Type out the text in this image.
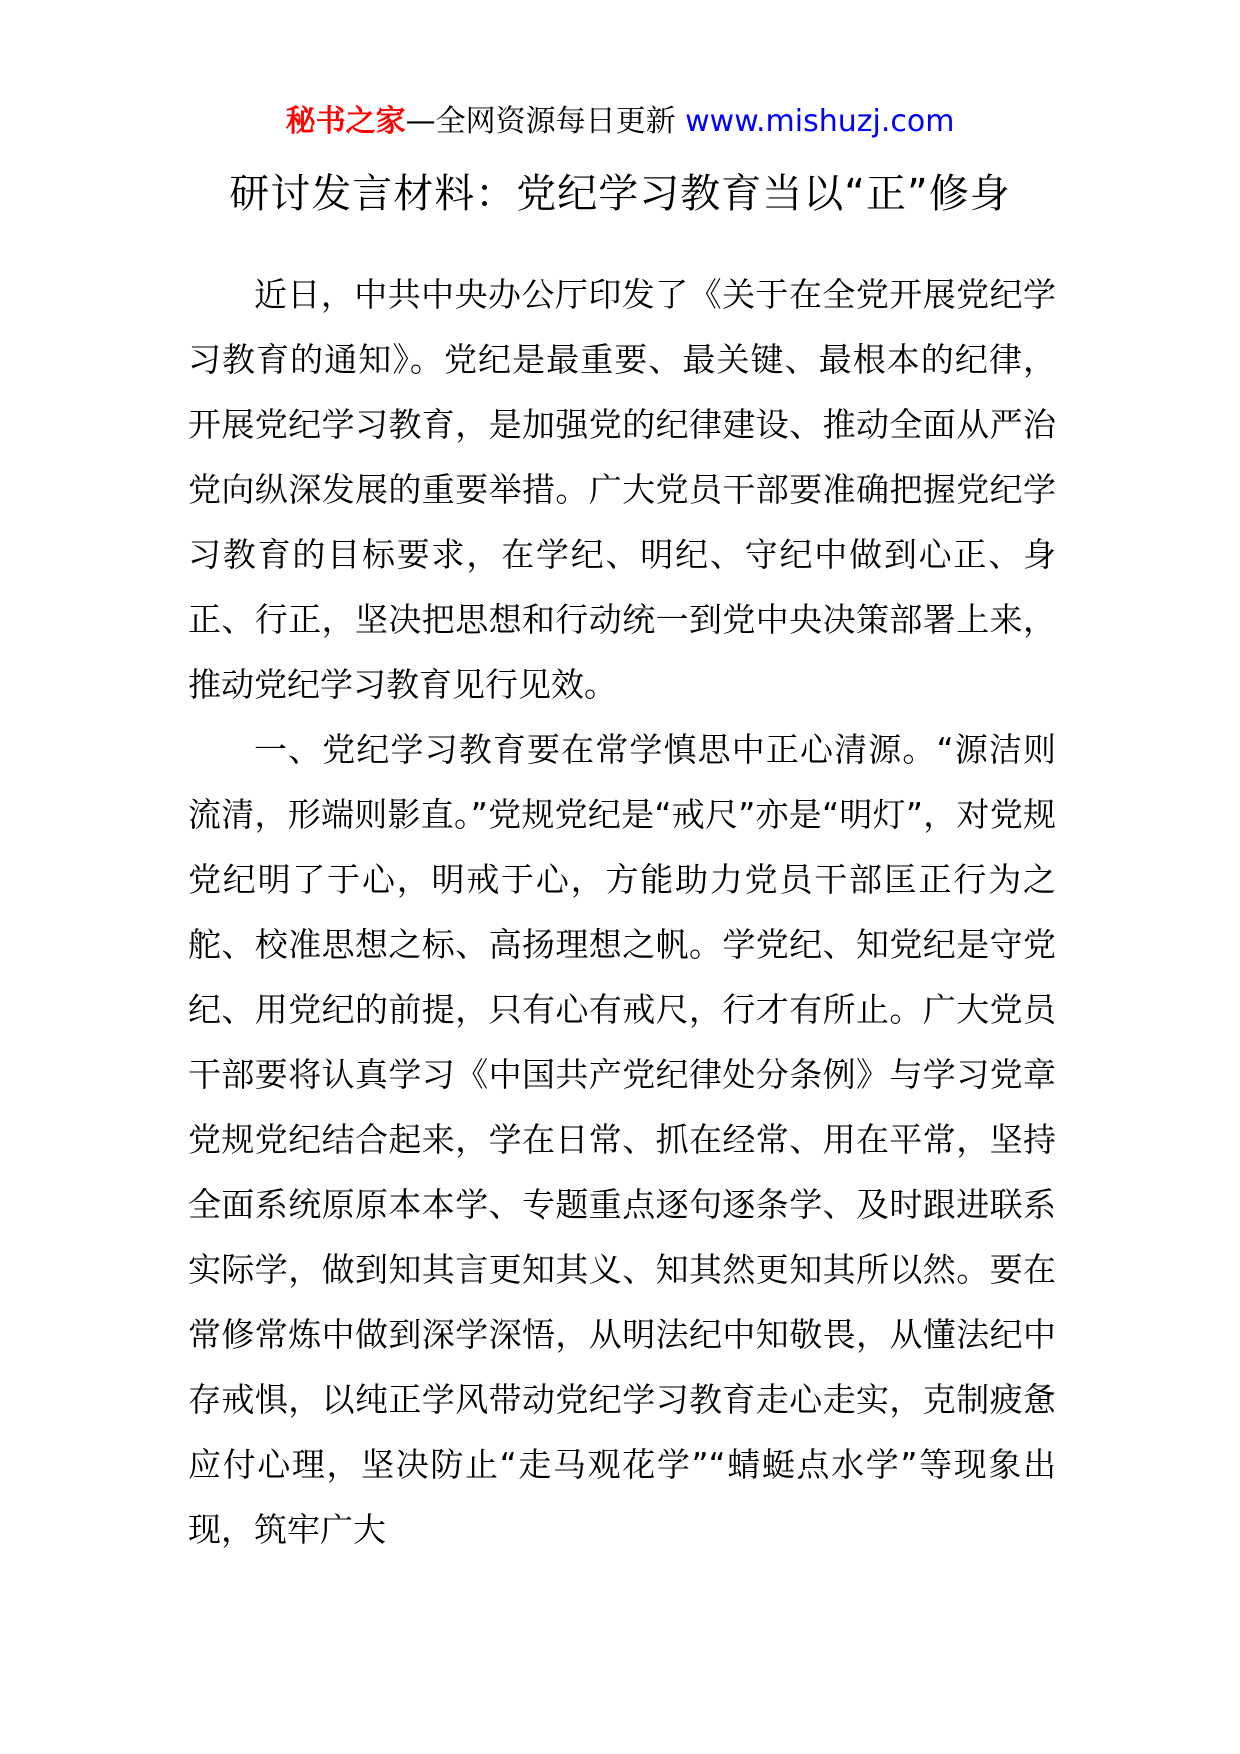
秘书之家—全网资源每日更新 www.mishuzj.com
研讨发言材料：党纪学习教育当以“正”修身

近日，中共中央办公厅印发了《关于在全党开展党纪学习教育的通知》。党纪是最重要、最关键、最根本的纪律，开展党纪学习教育，是加强党的纪律建设、推动全面从严治党向纵深发展的重要举措。广大党员干部要准确把握党纪学习教育的目标要求，在学纪、明纪、守纪中做到心正、身正、行正，坚决把思想和行动统一到党中央决策部署上来，推动党纪学习教育见行见效。

一、党纪学习教育要在常学慎思中正心清源。“源洁则流清，形端则影直。”党规党纪是“戒尺”亦是“明灯”，对党规党纪明了于心，明戒于心，方能助力党员干部匡正行为之舵、校准思想之标、高扬理想之帆。学党纪、知党纪是守党纪、用党纪的前提，只有心有戒尺，行才有所止。广大党员干部要将认真学习《中国共产党纪律处分条例》与学习党章党规党纪结合起来，学在日常、抓在经常、用在平常，坚持全面系统原原本本学、专题重点逐句逐条学、及时跟进联系实际学，做到知其言更知其义、知其然更知其所以然。要在常修常炼中做到深学深悟，从明法纪中知敬畏，从懂法纪中存戒惧，以纯正学风带动党纪学习教育走心走实，克制疲惫应付心理，坚决防止“走马观花学”“蜻蜓点水学”等现象出现，筑牢广大
